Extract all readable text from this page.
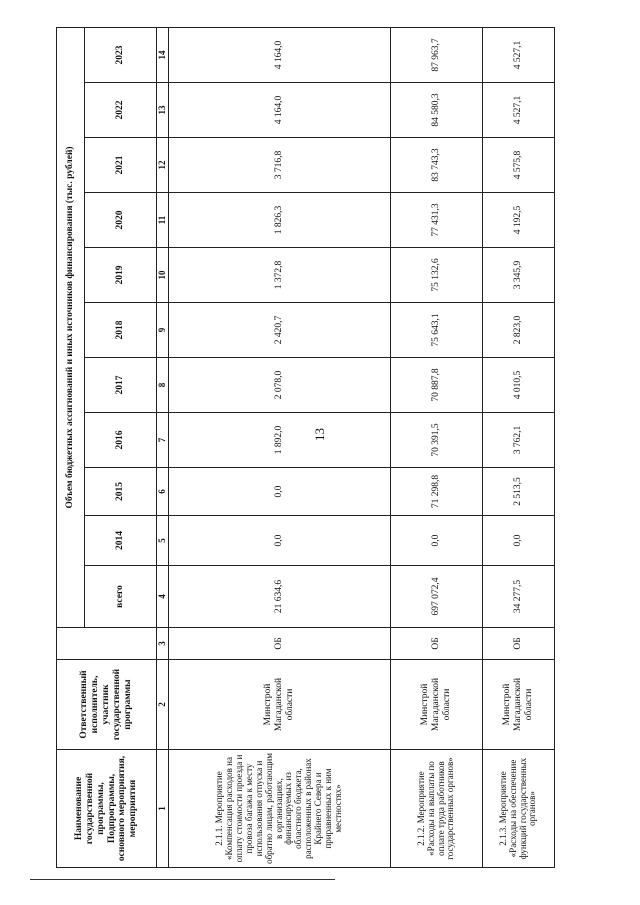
13
Наименование государственной программы, Подпрограммы, основного мероприятия, мероприятия	Ответственный исполнитель, участник государственной программы		Объем бюджетных ассигнований и иных источников финансирования (тыс. рублей)										
			всего	2014	2015	2016	2017	2018	2019	2020	2021	2022	2023
1	2	3	4	5	6	7	8	9	10	11	12	13	14
2.1.1. Мероприятие «Компенсация расходов на оплату стоимости проезда и провоза багажа к месту использования отпуска и обратно лицам, работающим в организациях, финансируемых из областного бюджета, расположенных в районах Крайнего Севера и приравненных к ним местностях»	Минстрой Магаданской области	ОБ	21 634,6	0,0	0,0	1 892,0	2 078,0	2 420,7	1 372,8	1 826,3	3 716,8	4 164,0	4 164,0
2.1.2. Мероприятие «Расходы на выплаты по оплате труда работников государственных органов»	Минстрой Магаданской области	ОБ	697 072,4	0,0	71 298,8	70 391,5	70 887,8	75 643,1	75 132,6	77 431,3	83 743,3	84 580,3	87 963,7
2.1.3. Мероприятие «Расходы на обеспечение функций государственных органов»	Минстрой Магаданской области	ОБ	34 277,5	0,0	2 513,5	3 762,1	4 010,5	2 823,0	3 345,9	4 192,5	4 575,8	4 527,1	4 527,1
